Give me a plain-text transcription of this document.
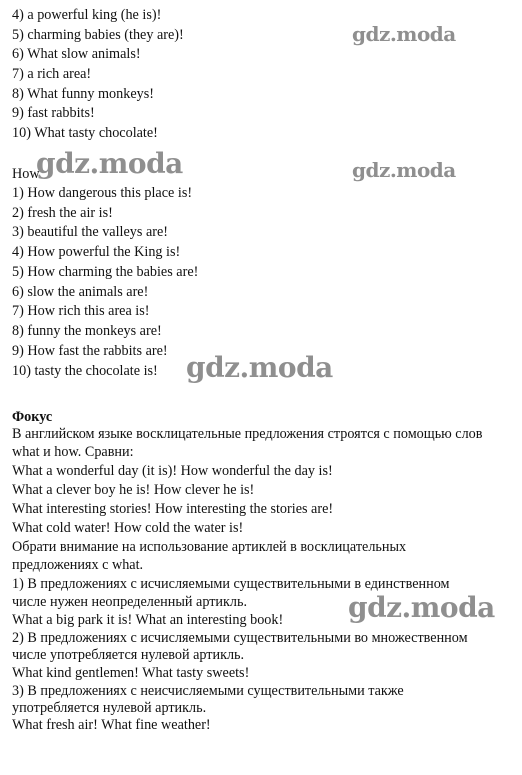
4) a powerful king (he is)!
5) charming babies (they are)!
6) What slow animals!
7) a rich area!
8) What funny monkeys!
9) fast rabbits!
10) What tasty chocolate!
How
1) How dangerous this place is!
2) fresh the air is!
3) beautiful the valleys are!
4) How powerful the King is!
5) How charming the babies are!
6) slow the animals are!
7) How rich this area is!
8) funny the monkeys are!
9) How fast the rabbits are!
10) tasty the chocolate is!
Фокус
В английском языке восклицательные предложения строятся с помощью слов
what и how. Сравни:
What a wonderful day (it is)! How wonderful the day is!
What a clever boy he is! How clever he is!
What interesting stories! How interesting the stories are!
What cold water! How cold the water is!
Обрати внимание на использование артиклей в восклицательных
предложениях с what.
1) В предложениях с исчисляемыми существительными в единственном
числе нужен неопределенный артикль.
What a big park it is! What an interesting book!
2) В предложениях с исчисляемыми существительными во множественном
числе употребляется нулевой артикль.
What kind gentlemen! What tasty sweets!
3) В предложениях с неисчисляемыми существительными также
употребляется нулевой артикль.
What fresh air! What fine weather!
gdz.moda
gdz.moda	gdz.moda
gdz.moda
gdz.moda
